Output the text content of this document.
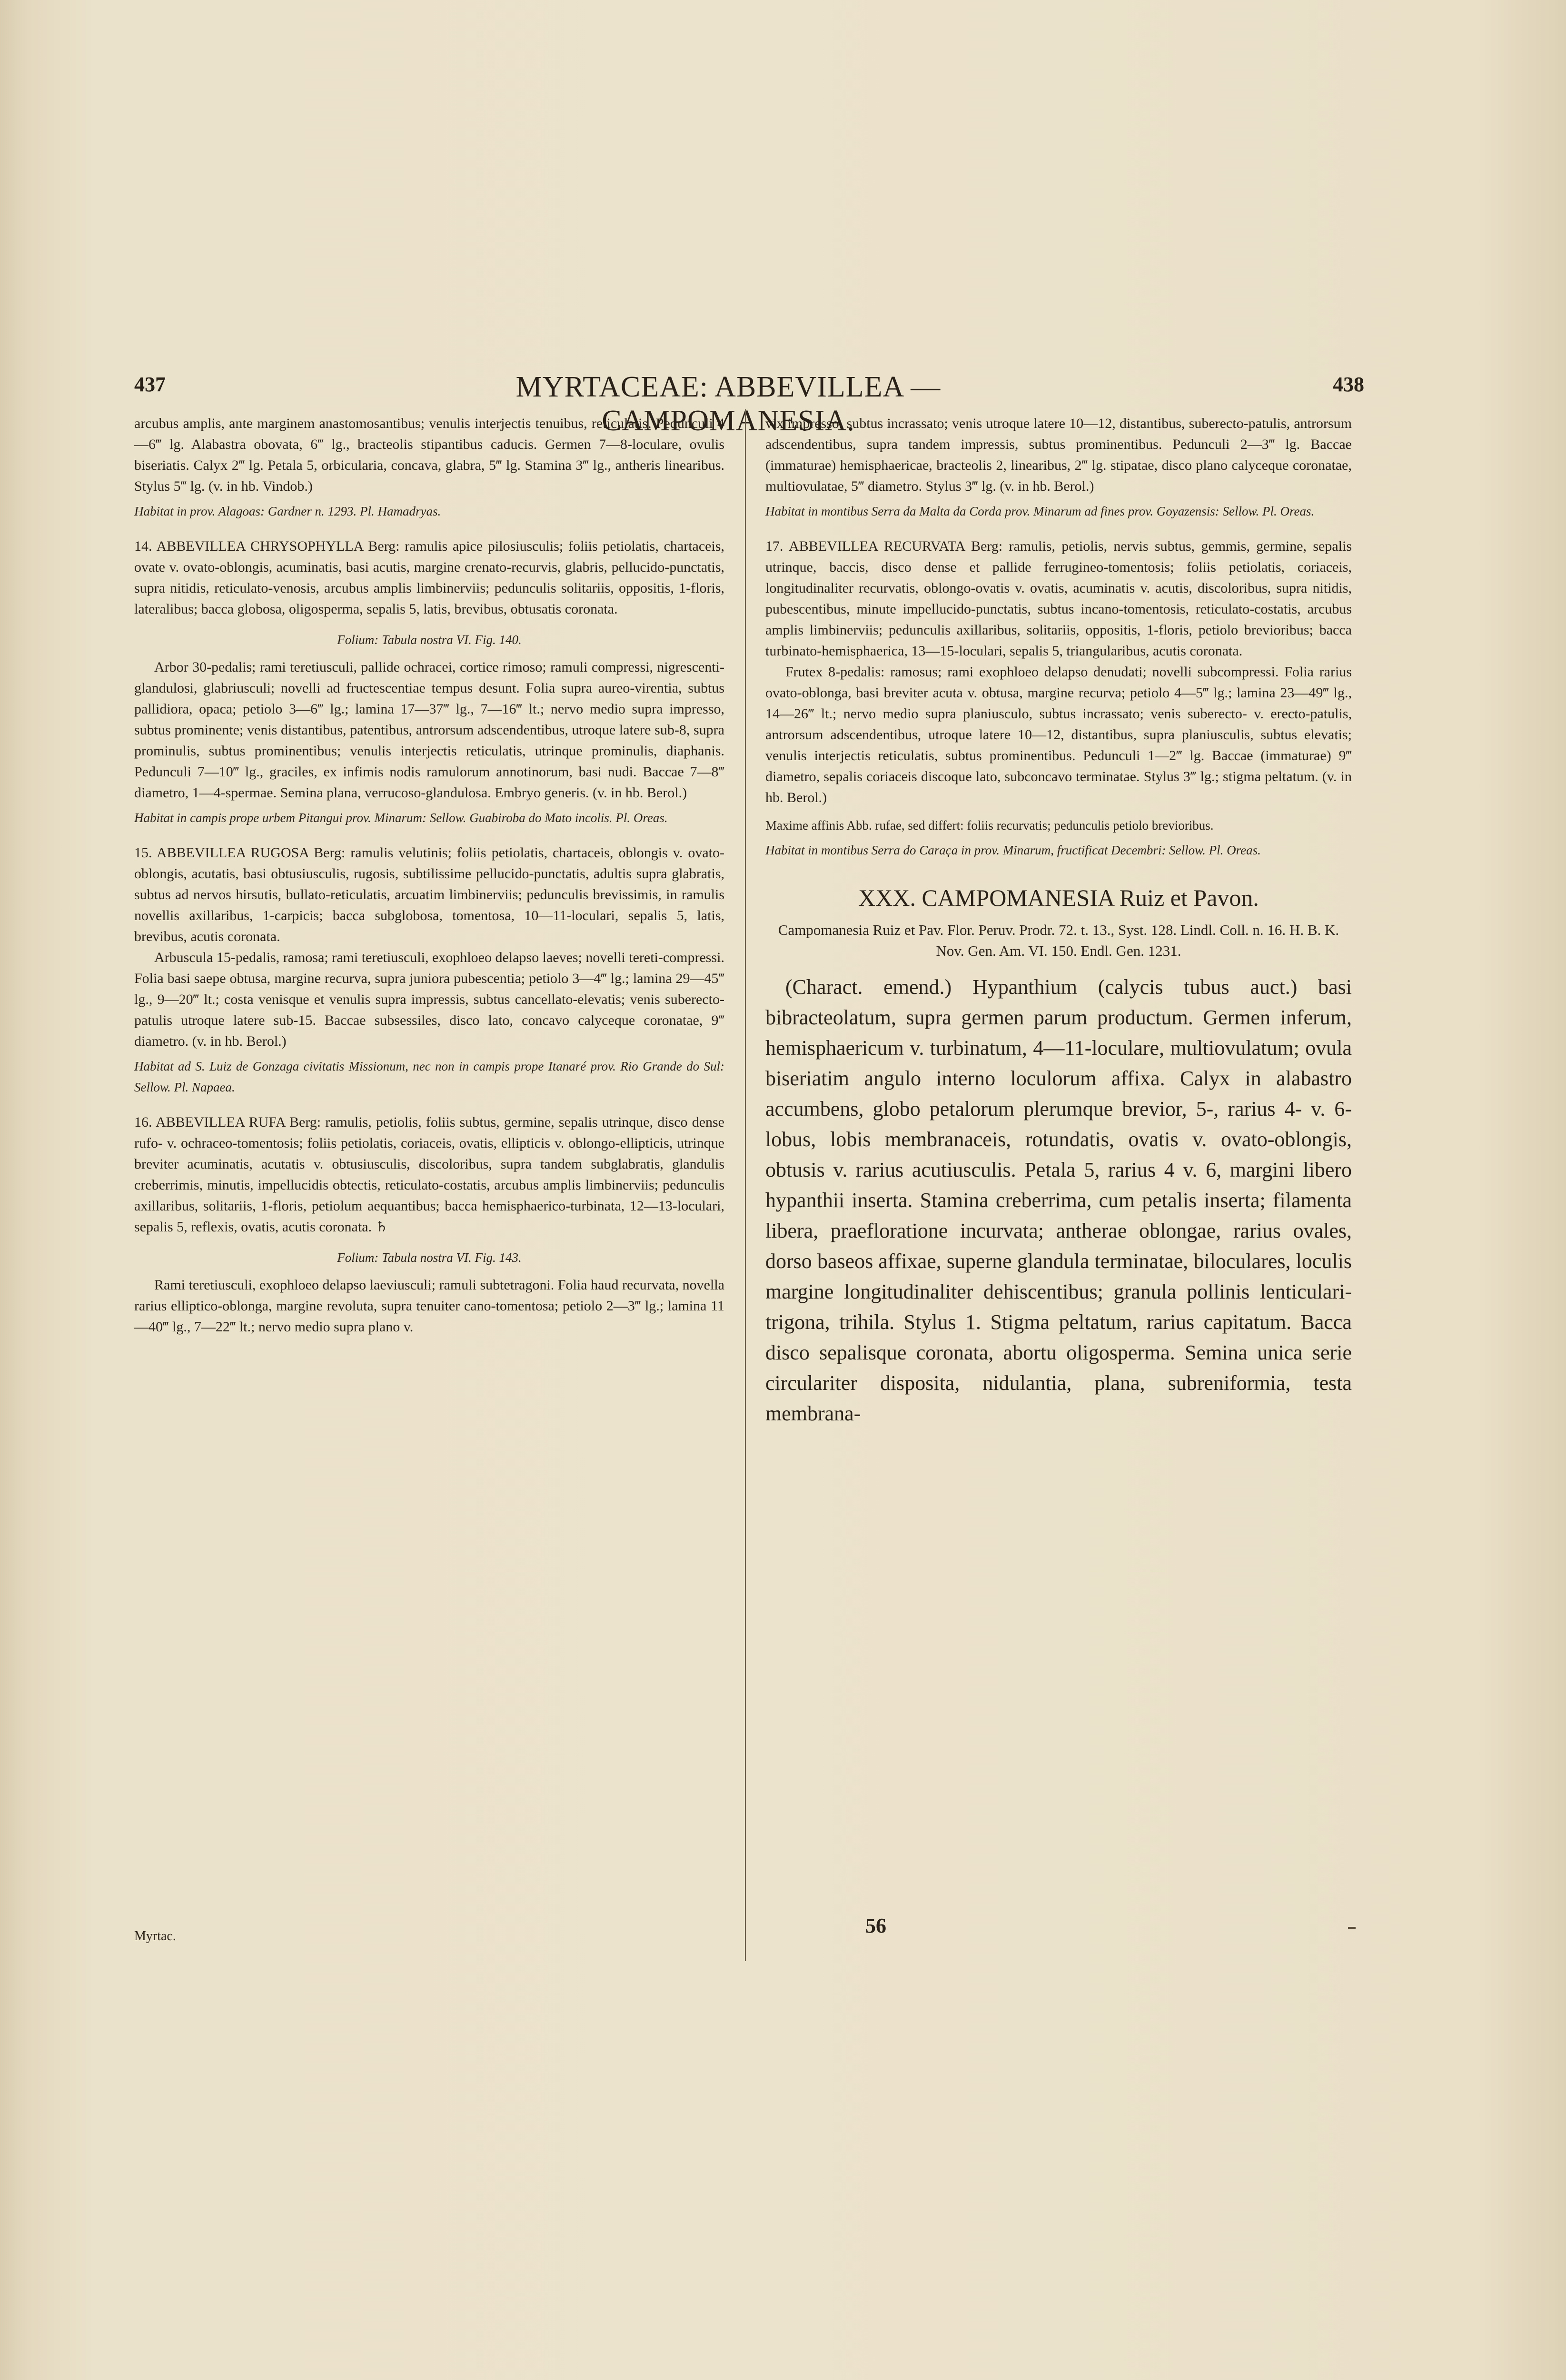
437	MYRTACEAE: ABBEVILLEA — CAMPOMANESIA.
438

arcubus amplis, ante marginem anastomosantibus; venulis interjectis tenuibus, reticulatis. Pedunculi 4—6‴ lg. Alabastra obovata, 6‴ lg., bracteolis stipantibus caducis. Germen 7—8-loculare, ovulis biseriatis. Calyx 2‴ lg. Petala 5, orbicularia, concava, glabra, 5‴ lg. Stamina 3‴ lg., antheris linearibus. Stylus 5‴ lg. (v. in hb. Vindob.)

Habitat in prov. Alagoas: Gardner n. 1293. Pl. Hamadryas.

14. ABBEVILLEA CHRYSOPHYLLA Berg: ramulis apice pilosiusculis; foliis petiolatis, chartaceis, ovate v. ovato-oblongis, acuminatis, basi acutis, margine crenato-recurvis, glabris, pellucido-punctatis, supra nitidis, reticulato-venosis, arcubus amplis limbinerviis; pedunculis solitariis, oppositis, 1-floris, lateralibus; bacca globosa, oligosperma, sepalis 5, latis, brevibus, obtusatis coronata.

Folium: Tabula nostra VI. Fig. 140.

Arbor 30-pedalis; rami teretiusculi, pallide ochracei, cortice rimoso; ramuli compressi, nigrescenti-glandulosi, glabriusculi; novelli ad fructescentiae tempus desunt. Folia supra aureo-virentia, subtus pallidiora, opaca; petiolo 3—6‴ lg.; lamina 17—37‴ lg., 7—16‴ lt.; nervo medio supra impresso, subtus prominente; venis distantibus, patentibus, antrorsum adscendentibus, utroque latere sub-8, supra prominulis, subtus prominentibus; venulis interjectis reticulatis, utrinque prominulis, diaphanis. Pedunculi 7—10‴ lg., graciles, ex infimis nodis ramulorum annotinorum, basi nudi. Baccae 7—8‴ diametro, 1—4-spermae. Semina plana, verrucoso-glandulosa. Embryo generis. (v. in hb. Berol.)

Habitat in campis prope urbem Pitangui prov. Minarum: Sellow. Guabiroba do Mato incolis. Pl. Oreas.

15. ABBEVILLEA RUGOSA Berg: ramulis velutinis; foliis petiolatis, chartaceis, oblongis v. ovato-oblongis, acutatis, basi obtusiusculis, rugosis, subtilissime pellucido-punctatis, adultis supra glabratis, subtus ad nervos hirsutis, bullato-reticulatis, arcuatim limbinerviis; pedunculis brevissimis, in ramulis novellis axillaribus, 1-carpicis; bacca subglobosa, tomentosa, 10—11-loculari, sepalis 5, latis, brevibus, acutis coronata.

Arbuscula 15-pedalis, ramosa; rami teretiusculi, exophloeo delapso laeves; novelli tereti-compressi. Folia basi saepe obtusa, margine recurva, supra juniora pubescentia; petiolo 3—4‴ lg.; lamina 29—45‴ lg., 9—20‴ lt.; costa venisque et venulis supra impressis, subtus cancellato-elevatis; venis suberecto-patulis utroque latere sub-15. Baccae subsessiles, disco lato, concavo calyceque coronatae, 9‴ diametro. (v. in hb. Berol.)

Habitat ad S. Luiz de Gonzaga civitatis Missionum, nec non in campis prope Itanaré prov. Rio Grande do Sul: Sellow. Pl. Napaea.

16. ABBEVILLEA RUFA Berg: ramulis, petiolis, foliis subtus, germine, sepalis utrinque, disco dense rufo- v. ochraceo-tomentosis; foliis petiolatis, coriaceis, ovatis, ellipticis v. oblongo-ellipticis, utrinque breviter acuminatis, acutatis v. obtusiusculis, discoloribus, supra tandem subglabratis, glandulis creberrimis, minutis, impellucidis obtectis, reticulato-costatis, arcubus amplis limbinerviis; pedunculis axillaribus, solitariis, 1-floris, petiolum aequantibus; bacca hemisphaerico-turbinata, 12—13-loculari, sepalis 5, reflexis, ovatis, acutis coronata. ♄

Folium: Tabula nostra VI. Fig. 143.

Rami teretiusculi, exophloeo delapso laeviusculi; ramuli subtetragoni. Folia haud recurvata, novella rarius elliptico-oblonga, margine revoluta, supra tenuiter cano-tomentosa; petiolo 2—3‴ lg.; lamina 11—40‴ lg., 7—22‴ lt.; nervo medio supra plano v.

vix impresso, subtus incrassato; venis utroque latere 10—12, distantibus, suberecto-patulis, antrorsum adscendentibus, supra tandem impressis, subtus prominentibus. Pedunculi 2—3‴ lg. Baccae (immaturae) hemisphaericae, bracteolis 2, linearibus, 2‴ lg. stipatae, disco plano calyceque coronatae, multiovulatae, 5‴ diametro. Stylus 3‴ lg. (v. in hb. Berol.)

Habitat in montibus Serra da Malta da Corda prov. Minarum ad fines prov. Goyazensis: Sellow. Pl. Oreas.

17. ABBEVILLEA RECURVATA Berg: ramulis, petiolis, nervis subtus, gemmis, germine, sepalis utrinque, baccis, disco dense et pallide ferrugineo-tomentosis; foliis petiolatis, coriaceis, longitudinaliter recurvatis, oblongo-ovatis v. ovatis, acuminatis v. acutis, discoloribus, supra nitidis, pubescentibus, minute impellucido-punctatis, subtus incano-tomentosis, reticulato-costatis, arcubus amplis limbinerviis; pedunculis axillaribus, solitariis, oppositis, 1-floris, petiolo brevioribus; bacca turbinato-hemisphaerica, 13—15-loculari, sepalis 5, triangularibus, acutis coronata.

Frutex 8-pedalis: ramosus; rami exophloeo delapso denudati; novelli subcompressi. Folia rarius ovato-oblonga, basi breviter acuta v. obtusa, margine recurva; petiolo 4—5‴ lg.; lamina 23—49‴ lg., 14—26‴ lt.; nervo medio supra planiusculo, subtus incrassato; venis suberecto- v. erecto-patulis, antrorsum adscendentibus, utroque latere 10—12, distantibus, supra planiusculis, subtus elevatis; venulis interjectis reticulatis, subtus prominentibus. Pedunculi 1—2‴ lg. Baccae (immaturae) 9‴ diametro, sepalis coriaceis discoque lato, subconcavo terminatae. Stylus 3‴ lg.; stigma peltatum. (v. in hb. Berol.)

Maxime affinis Abb. rufae, sed differt: foliis recurvatis; pedunculis petiolo brevioribus.

Habitat in montibus Serra do Caraça in prov. Minarum, fructificat Decembri: Sellow. Pl. Oreas.

XXX. CAMPOMANESIA Ruiz et Pavon.
Campomanesia Ruiz et Pav. Flor. Peruv. Prodr. 72. t. 13., Syst. 128. Lindl. Coll. n. 16. H. B. K. Nov. Gen. Am. VI. 150. Endl. Gen. 1231.

(Charact. emend.) Hypanthium (calycis tubus auct.) basi bibracteolatum, supra germen parum productum. Germen inferum, hemisphaericum v. turbinatum, 4—11-loculare, multiovulatum; ovula biseriatim angulo interno loculorum affixa. Calyx in alabastro accumbens, globo petalorum plerumque brevior, 5-, rarius 4- v. 6-lobus, lobis membranaceis, rotundatis, ovatis v. ovato-oblongis, obtusis v. rarius acutiusculis. Petala 5, rarius 4 v. 6, margini libero hypanthii inserta. Stamina creberrima, cum petalis inserta; filamenta libera, praefloratione incurvata; antherae oblongae, rarius ovales, dorso baseos affixae, superne glandula terminatae, biloculares, loculis margine longitudinaliter dehiscentibus; granula pollinis lenticulari-trigona, trihila. Stylus 1. Stigma peltatum, rarius capitatum. Bacca disco sepalisque coronata, abortu oligosperma. Semina unica serie circulariter disposita, nidulantia, plana, subreniformia, testa membrana-

Myrtac.	56
